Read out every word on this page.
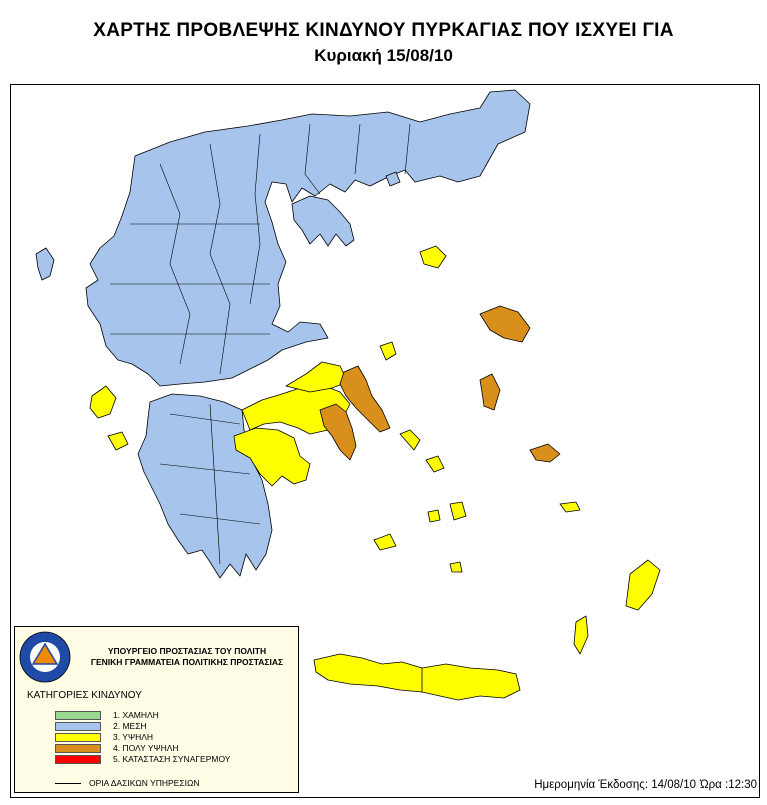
ΧΑΡΤΗΣ ΠΡΟΒΛΕΨΗΣ ΚΙΝΔΥΝΟΥ ΠΥΡΚΑΓΙΑΣ ΠΟΥ ΙΣΧΥΕΙ ΓΙΑ
Κυριακή 15/08/10
ΥΠΟΥΡΓΕΙΟ ΠΡΟΣΤΑΣΙΑΣ ΤΟΥ ΠΟΛΙΤΗ
ΓΕΝΙΚΗ ΓΡΑΜΜΑΤΕΙΑ ΠΟΛΙΤΙΚΗΣ ΠΡΟΣΤΑΣΙΑΣ
ΚΑΤΗΓΟΡΙΕΣ ΚΙΝΔΥΝΟΥ
1. ΧΑΜΗΛΗ
2. ΜΕΣΗ
3. ΥΨΗΛΗ
4. ΠΟΛΥ ΥΨΗΛΗ
5. ΚΑΤΑΣΤΑΣΗ ΣΥΝΑΓΕΡΜΟΥ
ΟΡΙΑ ΔΑΣΙΚΩΝ ΥΠΗΡΕΣΙΩΝ	Ημερομηνία Έκδοσης: 14/08/10 Ώρα :12:30
